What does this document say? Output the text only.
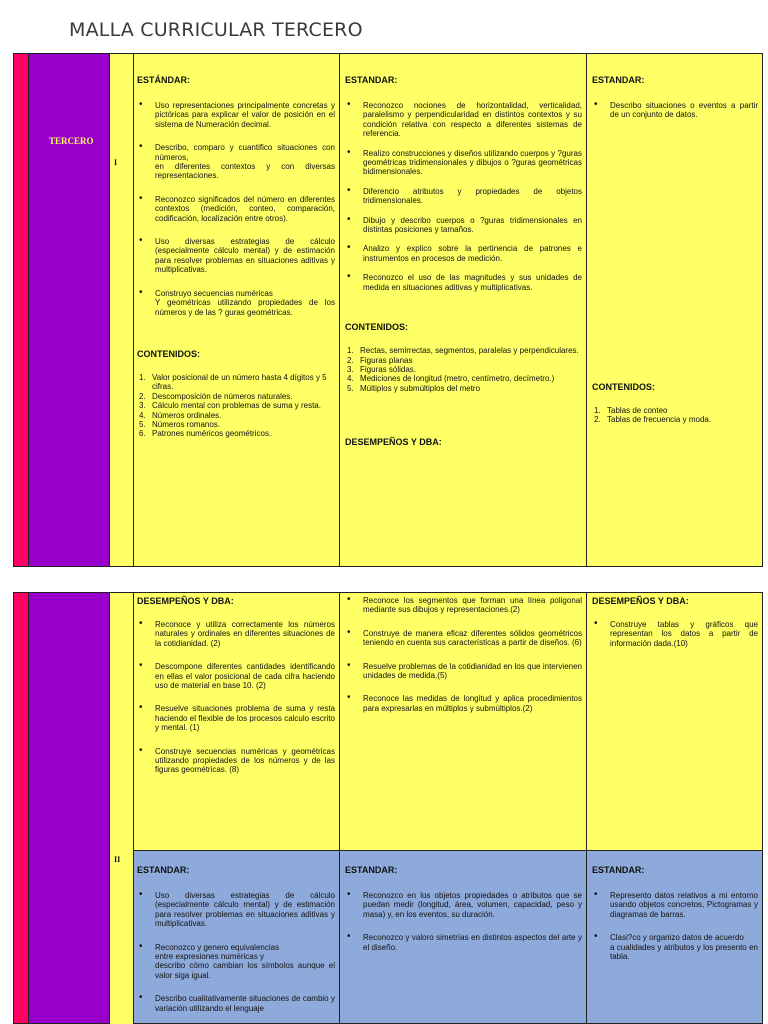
MALLA CURRICULAR TERCERO
TERCERO
I
ESTÁNDAR:
• Uso representaciones principalmente concretas y pictóricas para explicar el valor de posición en el sistema de Numeración decimal.
• Describo, comparo y cuantifico situaciones con números,
en diferentes contextos y con diversas representaciones.
• Reconozco significados del número en diferentes contextos (medición, conteo, comparación, codificación, localización entre otros).
• Uso diversas estrategias de cálculo (especialmente cálculo mental) y de estimación para resolver problemas en situaciones aditivas y multiplicativas.
• Construyo secuencias numéricas
Y geométricas utilizando propiedades de los números y de las ? guras geométricas.
CONTENIDOS:
1. Valor posicional de un número hasta 4 dígitos y 5 cifras.
2. Descomposición de números naturales.
3. Cálculo mental con problemas de suma y resta.
4. Números ordinales.
5. Números romanos.
6. Patrones numéricos geométricos.
ESTANDAR:
• Reconozco nociones de horizontalidad, verticalidad, paralelismo y perpendicularidad en distintos contextos y su condición relativa con respecto a diferentes sistemas de referencia.
• Realizo construcciones y diseños utilizando cuerpos y ?guras geométricas tridimensionales y dibujos o ?guras geométricas bidimensionales.
• Diferencio atributos y propiedades de objetos tridimensionales.
• Dibujo y describo cuerpos o ?guras tridimensionales en distintas posiciones y tamaños.
• Analizo y explico sobre la pertinencia de patrones e instrumentos en procesos de medición.
• Reconozco el uso de las magnitudes y sus unidades de medida en situaciones aditivas y multiplicativas.
CONTENIDOS:
1. Rectas, semirrectas, segmentos, paralelas y perpendiculares.
2. Figuras planas
3. Figuras sólidas.
4. Mediciones de longitud (metro, centímetro, decímetro.)
5. Múltiplos y submúltiplos del metro
DESEMPEÑOS Y DBA:
ESTANDAR:
• Describo situaciones o eventos a partir de un conjunto de datos.
CONTENIDOS:
1. Tablas de conteo
2. Tablas de frecuencia y moda.
II
DESEMPEÑOS Y DBA:
• Reconoce y utiliza correctamente los números naturales y ordinales en diferentes situaciones de la cotidianidad. (2)
• Descompone diferentes cantidades identificando en ellas el valor posicional de cada cifra haciendo uso de material en base 10. (2)
• Resuelve situaciones problema de suma y resta haciendo el flexible de los procesos calculo escrito y mental. (1)
• Construye secuencias numéricas y geométricas utilizando propiedades de los números y de las figuras geométricas. (8)
• Reconoce los segmentos que forman una línea poligonal mediante sus dibujos y representaciones.(2)
• Construye de manera eficaz diferentes sólidos geométricos teniendo en cuenta sus características a partir de diseños. (6)
• Resuelve problemas de la cotidianidad en los que intervienen unidades de medida.(5)
• Reconoce las medidas de longitud y aplica procedimientos para expresarlas en múltiplos y submúltiplos.(2)
DESEMPEÑOS Y DBA:
• Construye tablas y gráficos que representan los datos a partir de información dada.(10)
ESTANDAR:
• Uso diversas estrategias de cálculo (especialmente cálculo mental) y de estimación para resolver problemas en situaciones aditivas y multiplicativas.
• Reconozco y genero equivalencias
entre expresiones numéricas y
describo cómo cambian los símbolos aunque el valor siga igual.
• Describo cualitativamente situaciones de cambio y variación utilizando el lenguaje
ESTANDAR:
• Reconozco en los objetos propiedades o atributos que se puedan medir (longitud, área, volumen, capacidad, peso y masa) y, en los eventos, su duración.
• Reconozco y valoro simetrías en distintos aspectos del arte y el diseño.
ESTANDAR:
• Represento datos relativos a mi entorno usando objetos concretos, Pictogramas y diagramas de barras.
• Clasi?co y organizo datos de acuerdo
a cualidades y atributos y los presento en tabla.
